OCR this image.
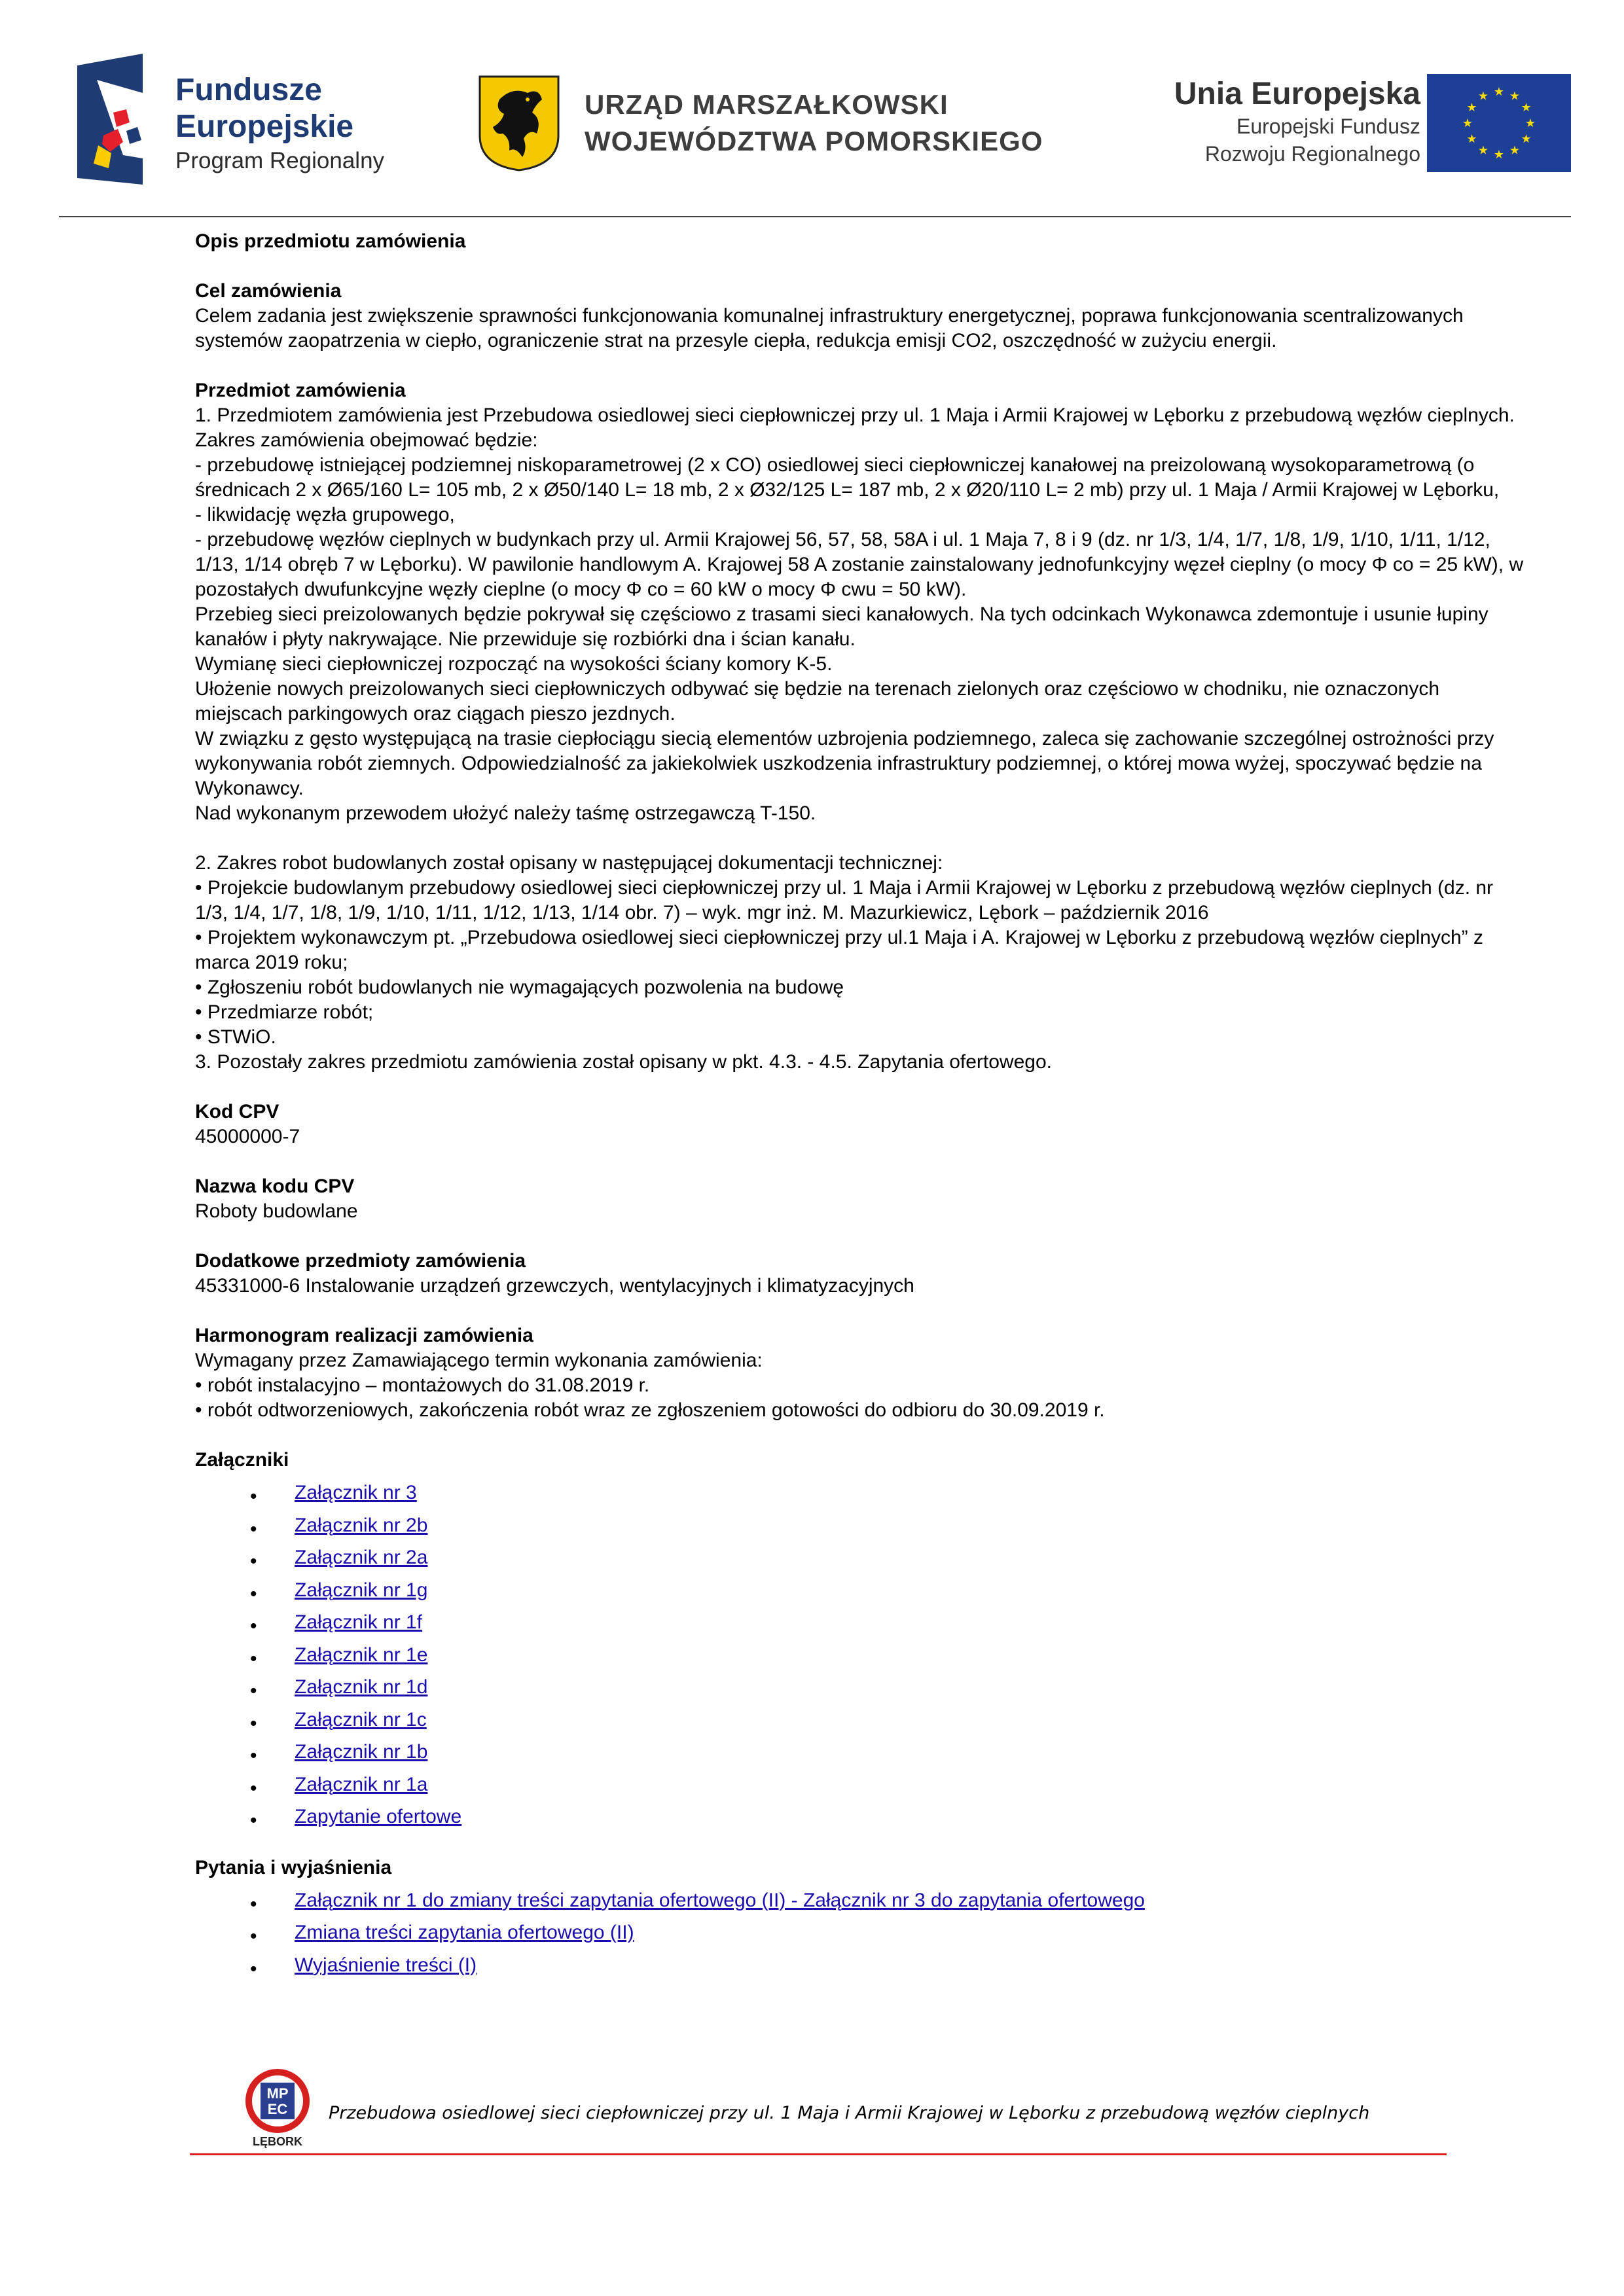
Fundusze
Europejskie
Program Regionalny
URZĄD MARSZAŁKOWSKI
WOJEWÓDZTWA POMORSKIEGO
Unia Europejska
Europejski Fundusz
Rozwoju Regionalnego
★ ★
★
★
★
★
★
★
★
★
★
★

Opis przedmiotu zamówienia

Cel zamówienia

Celem zadania jest zwiększenie sprawności funkcjonowania komunalnej infrastruktury energetycznej, poprawa funkcjonowania scentralizowanych systemów zaopatrzenia w ciepło, ograniczenie strat na przesyle ciepła, redukcja emisji CO2, oszczędność w zużyciu energii.

Przedmiot zamówienia

1. Przedmiotem zamówienia jest Przebudowa osiedlowej sieci ciepłowniczej przy ul. 1 Maja i Armii Krajowej w Lęborku z przebudową węzłów cieplnych. Zakres zamówienia obejmować będzie:

- przebudowę istniejącej podziemnej niskoparametrowej (2 x CO) osiedlowej sieci ciepłowniczej kanałowej na preizolowaną wysokoparametrową (o średnicach 2 x Ø65/160 L= 105 mb, 2 x Ø50/140 L= 18 mb, 2 x Ø32/125 L= 187 mb, 2 x Ø20/110 L= 2 mb) przy ul. 1 Maja / Armii Krajowej w Lęborku,

- likwidację węzła grupowego,

- przebudowę węzłów cieplnych w budynkach przy ul. Armii Krajowej 56, 57, 58, 58A i ul. 1 Maja 7, 8 i 9 (dz. nr 1/3, 1/4, 1/7, 1/8, 1/9, 1/10, 1/11, 1/12, 1/13, 1/14 obręb 7 w Lęborku). W pawilonie handlowym A. Krajowej 58 A zostanie zainstalowany jednofunkcyjny węzeł cieplny (o mocy Φ co = 25 kW), w pozostałych dwufunkcyjne węzły cieplne (o mocy Φ co = 60 kW o mocy Φ cwu = 50 kW).

Przebieg sieci preizolowanych będzie pokrywał się częściowo z trasami sieci kanałowych. Na tych odcinkach Wykonawca zdemontuje i usunie łupiny kanałów i płyty nakrywające. Nie przewiduje się rozbiórki dna i ścian kanału.

Wymianę sieci ciepłowniczej rozpocząć na wysokości ściany komory K-5.

Ułożenie nowych preizolowanych sieci ciepłowniczych odbywać się będzie na terenach zielonych oraz częściowo w chodniku, nie oznaczonych miejscach parkingowych oraz ciągach pieszo jezdnych.

W związku z gęsto występującą na trasie ciepłociągu siecią elementów uzbrojenia podziemnego, zaleca się zachowanie szczególnej ostrożności przy wykonywania robót ziemnych. Odpowiedzialność za jakiekolwiek uszkodzenia infrastruktury podziemnej, o której mowa wyżej, spoczywać będzie na Wykonawcy.

Nad wykonanym przewodem ułożyć należy taśmę ostrzegawczą T-150.

2. Zakres robot budowlanych został opisany w następującej dokumentacji technicznej:

• Projekcie budowlanym przebudowy osiedlowej sieci ciepłowniczej przy ul. 1 Maja i Armii Krajowej w Lęborku z przebudową węzłów cieplnych (dz. nr 1/3, 1/4, 1/7, 1/8, 1/9, 1/10, 1/11, 1/12, 1/13, 1/14 obr. 7) – wyk. mgr inż. M. Mazurkiewicz, Lębork – październik 2016

• Projektem wykonawczym pt. „Przebudowa osiedlowej sieci ciepłowniczej przy ul.1 Maja i A. Krajowej w Lęborku z przebudową węzłów cieplnych” z marca 2019 roku;

• Zgłoszeniu robót budowlanych nie wymagających pozwolenia na budowę

• Przedmiarze robót;

• STWiO.

3. Pozostały zakres przedmiotu zamówienia został opisany w pkt. 4.3. - 4.5. Zapytania ofertowego.

Kod CPV

45000000-7

Nazwa kodu CPV

Roboty budowlane

Dodatkowe przedmioty zamówienia

45331000-6 Instalowanie urządzeń grzewczych, wentylacyjnych i klimatyzacyjnych

Harmonogram realizacji zamówienia

Wymagany przez Zamawiającego termin wykonania zamówienia:

• robót instalacyjno – montażowych do 31.08.2019 r.

• robót odtworzeniowych, zakończenia robót wraz ze zgłoszeniem gotowości do odbioru do 30.09.2019 r.

Załączniki

• Załącznik nr 3
• Załącznik nr 2b
• Załącznik nr 2a
• Załącznik nr 1g
• Załącznik nr 1f
• Załącznik nr 1e
• Załącznik nr 1d
• Załącznik nr 1c
• Załącznik nr 1b
• Załącznik nr 1a
• Zapytanie ofertowe

Pytania i wyjaśnienia

• Załącznik nr 1 do zmiany treści zapytania ofertowego (II) - Załącznik nr 3 do zapytania ofertowego
• Zmiana treści zapytania ofertowego (II)
• Wyjaśnienie treści (I)
MP
EC
LĘBORK
Przebudowa osiedlowej sieci ciepłowniczej przy ul. 1 Maja i Armii Krajowej w Lęborku z przebudową węzłów cieplnych
